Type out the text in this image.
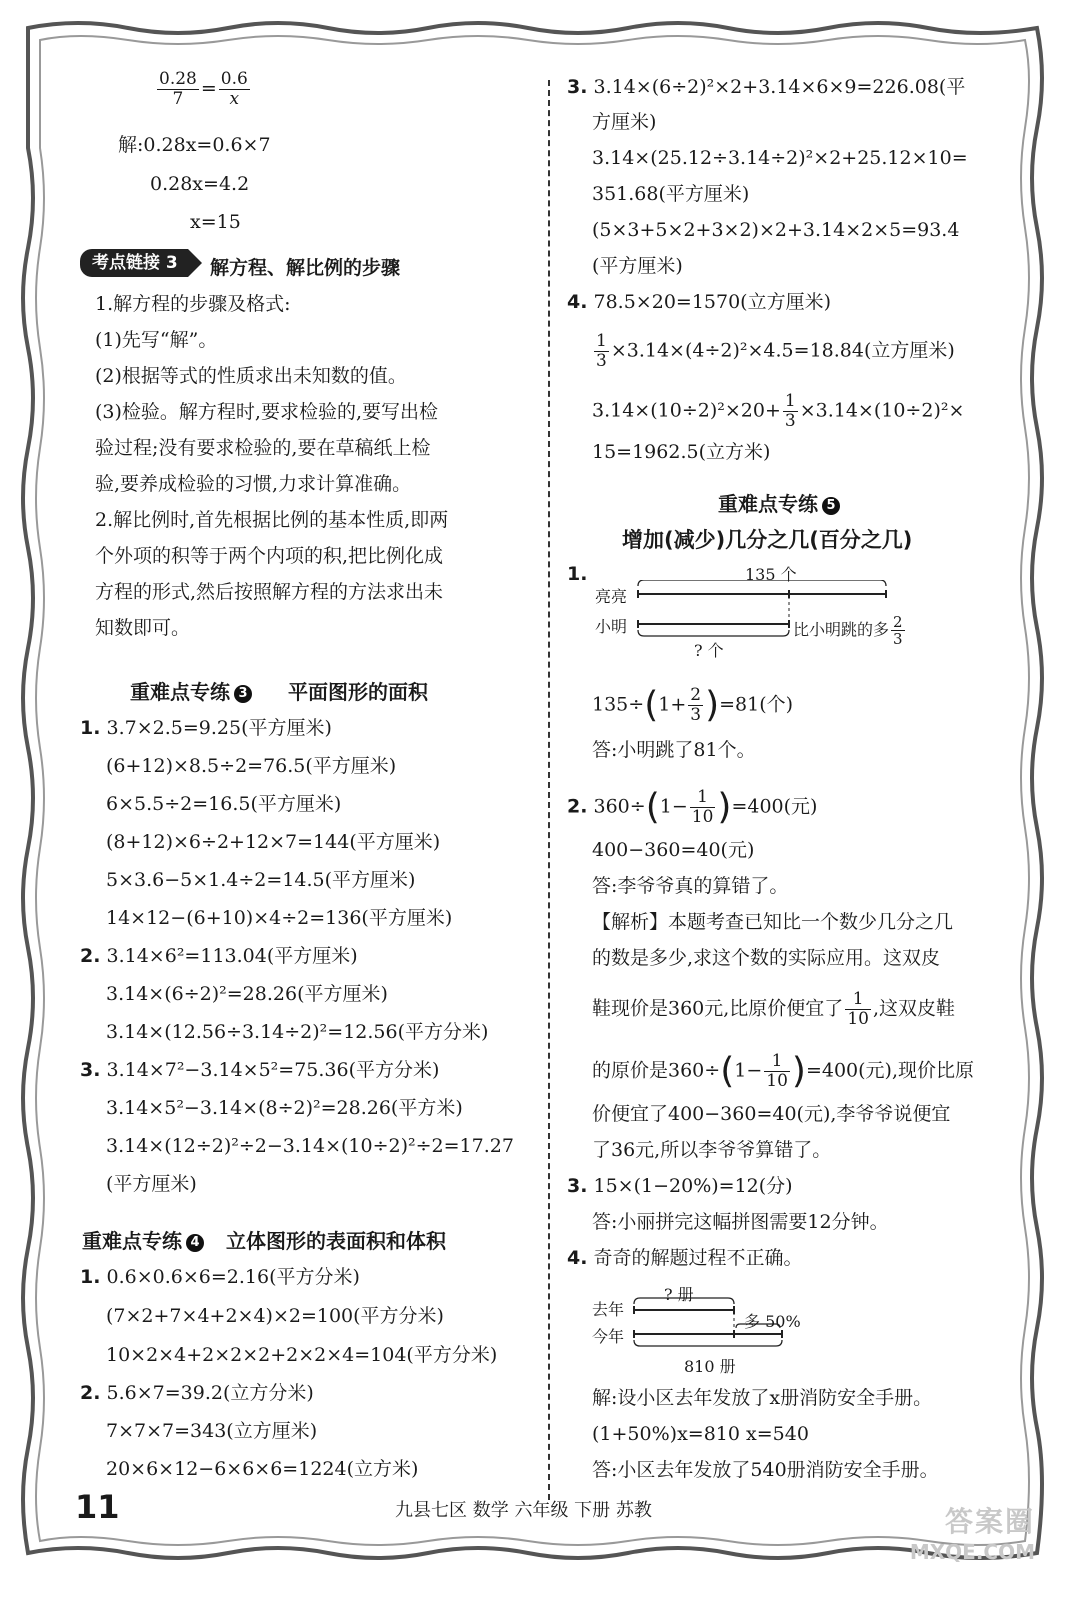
$\frac{0.28}{7} = \frac{0.6}{x}$
解:0.28x=0.6×7
0.28x=4.2
x=15
考点链接 3	解方程、解比例的步骤
1.解方程的步骤及格式:
(1)先写“解”。
(2)根据等式的性质求出未知数的值。
(3)检验。解方程时,要求检验的,要写出检
验过程;没有要求检验的,要在草稿纸上检
验,要养成检验的习惯,力求计算准确。
2.解比例时,首先根据比例的基本性质,即两
个外项的积等于两个内项的积,把比例化成
方程的形式,然后按照解方程的方法求出未
知数即可。
重难点专练 3 平面图形的面积
1. 3.7×2.5=9.25(平方厘米)
(6+12)×8.5÷2=76.5(平方厘米)
6×5.5÷2=16.5(平方厘米)
(8+12)×6÷2+12×7=144(平方厘米)
5×3.6−5×1.4÷2=14.5(平方厘米)
14×12−(6+10)×4÷2=136(平方厘米)
2. 3.14×6²=113.04(平方厘米)
3.14×(6÷2)²=28.26(平方厘米)
3.14×(12.56÷3.14÷2)²=12.56(平方分米)
3. 3.14×7²−3.14×5²=75.36(平方分米)
3.14×5²−3.14×(8÷2)²=28.26(平方米)
3.14×(12÷2)²÷2−3.14×(10÷2)²÷2=17.27
(平方厘米)
重难点专练 4 立体图形的表面积和体积
1. 0.6×0.6×6=2.16(平方分米)
(7×2+7×4+2×4)×2=100(平方分米)
10×2×4+2×2×2+2×2×4=104(平方分米)
2. 5.6×7=39.2(立方分米)
7×7×7=343(立方厘米)
20×6×12−6×6×6=1224(立方米)
3. 3.14×(6÷2)²×2+3.14×6×9=226.08(平
方厘米)
3.14×(25.12÷3.14÷2)²×2+25.12×10=
351.68(平方厘米)
(5×3+5×2+3×2)×2+3.14×2×5=93.4
(平方厘米)
4. 78.5×20=1570(立方厘米)
$\frac{1}{3} \times 3.14\times(4\div 2)^2\times 4.5=18.84$(立方厘米)
$3.14\times(10\div 2)^2\times 20+ \frac{1}{3} \times 3.14\times(10\div 2)^2\times$
15=1962.5(立方米)
重难点专练 5
增加(减少)几分之几(百分之几)
1.	135 个
亮亮
小明	比小明跳的多 $\frac{2}{3}$
? 个
$135\div(1+ \frac{2}{3} )=81$(个)
答:小明跳了81个。
2. $360\div(1- \frac{1}{10} )=400$(元)
400−360=40(元)
答:李爷爷真的算错了。
【解析】本题考查已知比一个数少几分之几
的数是多少,求这个数的实际应用。这双皮
鞋现价是360元,比原价便宜了 $\frac{1}{10}$ ,这双皮鞋
的原价是$360\div(1- \frac{1}{10} )=400$(元),现价比原
价便宜了400−360=40(元),李爷爷说便宜
了36元,所以李爷爷算错了。
3. 15×(1−20%)=12(分)
答:小丽拼完这幅拼图需要12分钟。
4. 奇奇的解题过程不正确。
? 册
去年
今年
多 50%
810 册
解:设小区去年发放了x册消防安全手册。
(1+50%)x=810 x=540
答:小区去年发放了540册消防安全手册。
11	九县七区 数学 六年级 下册 苏教	答案圈
MXQE.COM
